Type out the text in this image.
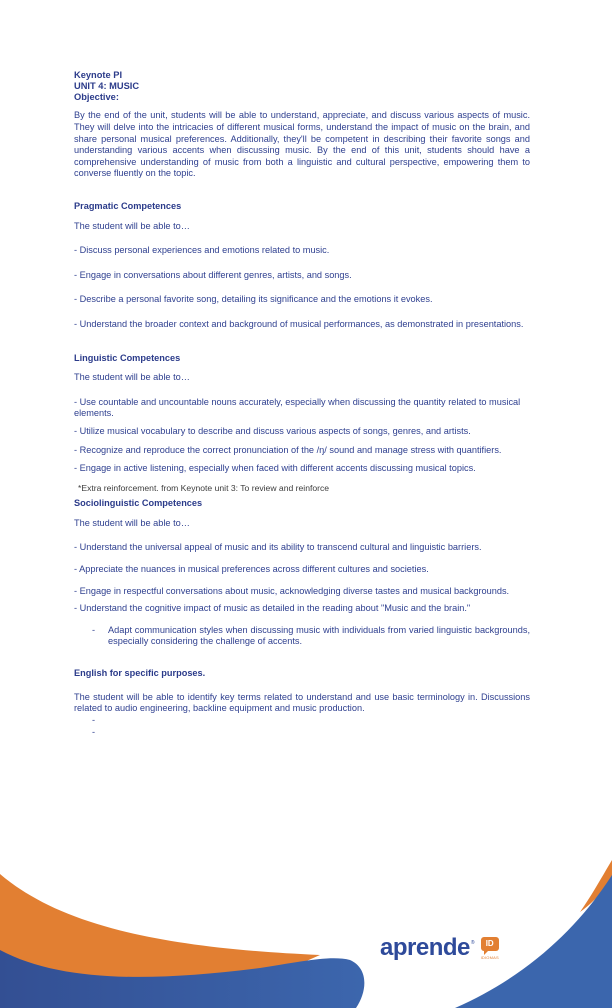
Keynote PI
UNIT 4: MUSIC
Objective:

By the end of the unit, students will be able to understand, appreciate, and discuss various aspects of music. They will delve into the intricacies of different musical forms, understand the impact of music on the brain, and share personal musical preferences. Additionally, they'll be competent in describing their favorite songs and understanding various accents when discussing music. By the end of this unit, students should have a comprehensive understanding of music from both a linguistic and cultural perspective, empowering them to converse fluently on the topic.

Pragmatic Competences

The student will be able to…

- Discuss personal experiences and emotions related to music.

- Engage in conversations about different genres, artists, and songs.

- Describe a personal favorite song, detailing its significance and the emotions it evokes.

- Understand the broader context and background of musical performances, as demonstrated in presentations.

Linguistic Competences

The student will be able to…

- Use countable and uncountable nouns accurately, especially when discussing the quantity related to musical elements.

- Utilize musical vocabulary to describe and discuss various aspects of songs, genres, and artists.

- Recognize and reproduce the correct pronunciation of the /ŋ/ sound and manage stress with quantifiers.

- Engage in active listening, especially when faced with different accents discussing musical topics.

*Extra reinforcement. from Keynote unit 3: To review and reinforce

Sociolinguistic Competences

The student will be able to…

- Understand the universal appeal of music and its ability to transcend cultural and linguistic barriers.

- Appreciate the nuances in musical preferences across different cultures and societies.

- Engage in respectful conversations about music, acknowledging diverse tastes and musical backgrounds.

- Understand the cognitive impact of music as detailed in the reading about "Music and the brain."

- Adapt communication styles when discussing music with individuals from varied linguistic backgrounds, especially considering the challenge of accents.
English for specific purposes.

The student will be able to identify key terms related to understand and use basic terminology in. Discussions related to audio engineering, backline equipment and music production.

-
-
aprende ®	ID
IDIOMAS
